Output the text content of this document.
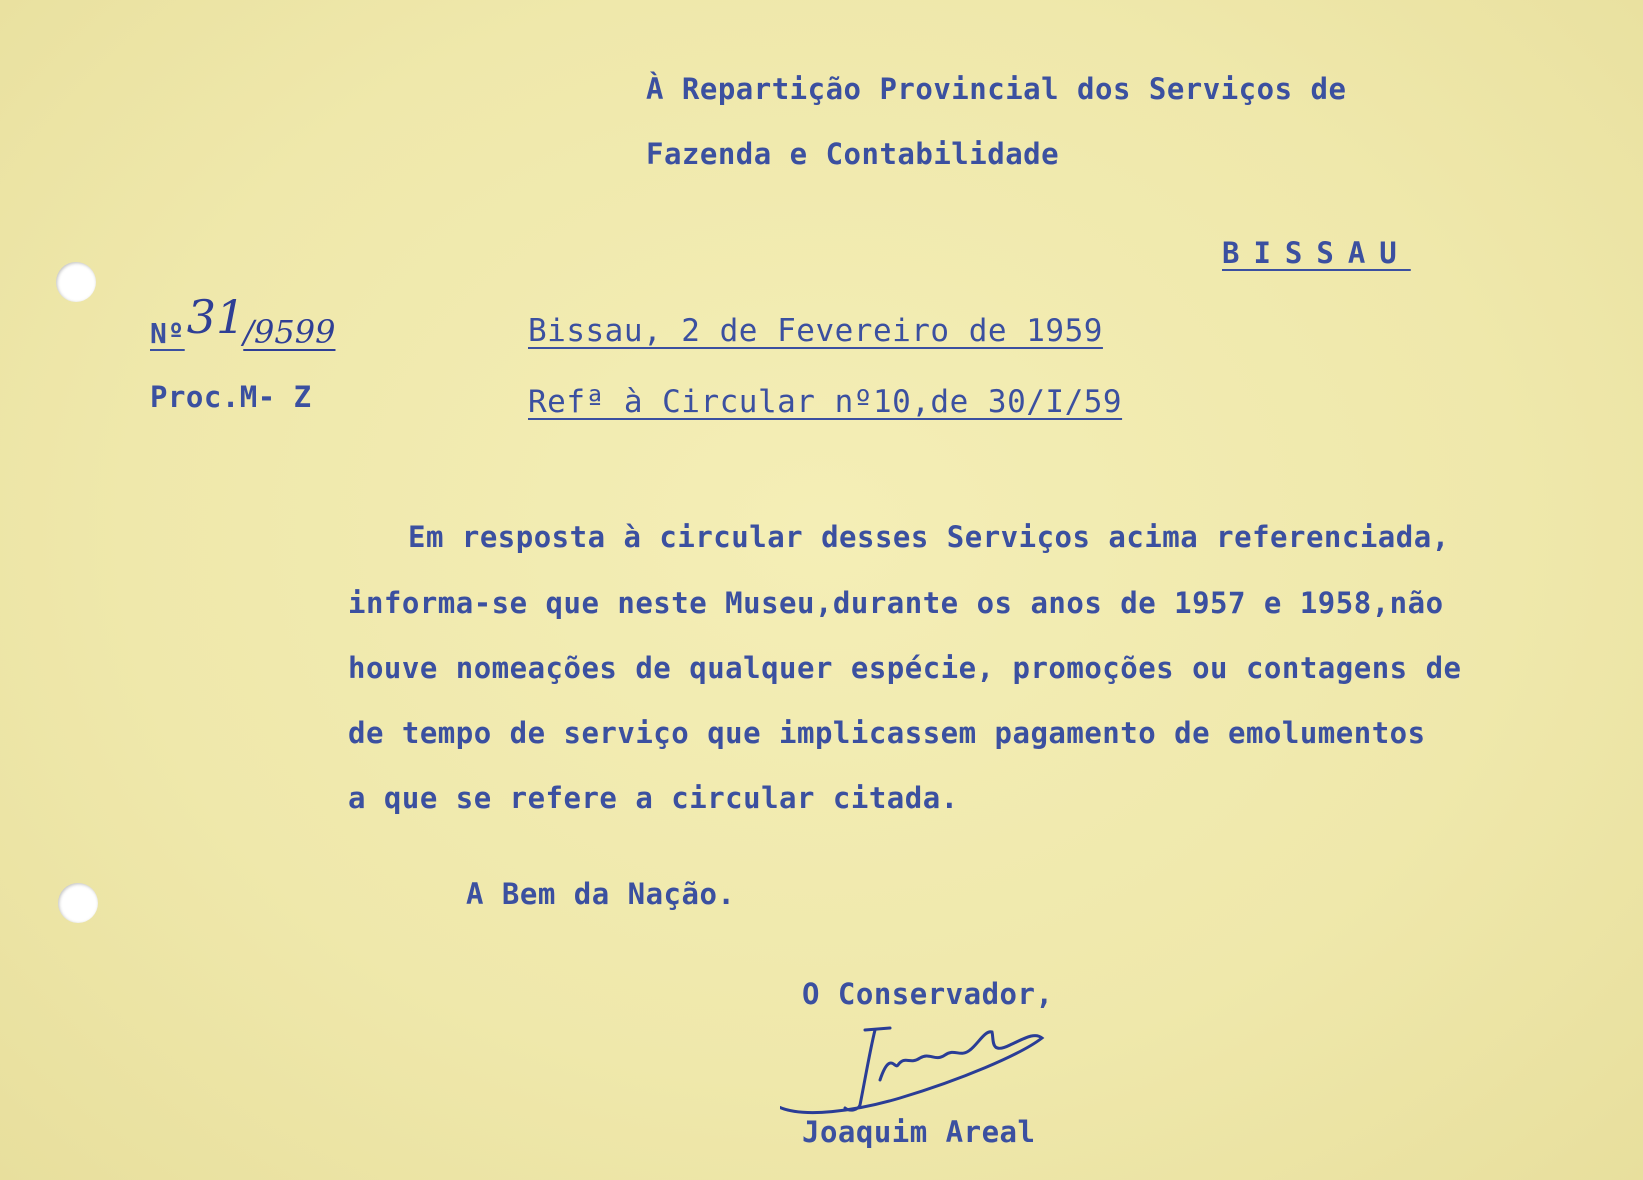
À Repartição Provincial dos Serviços de
Fazenda e Contabilidade
BISSAU
Nº31/9599
Proc.M- Z
Bissau, 2 de Fevereiro de 1959
Refª à Circular nº10,de 30/I/59
Em resposta à circular desses Serviços acima referenciada,
informa-se que neste Museu,durante os anos de 1957 e 1958,não
houve nomeações de qualquer espécie, promoções ou contagens de
de tempo de serviço que implicassem pagamento de emolumentos
a que se refere a circular citada.
A Bem da Nação.
O Conservador,
Joaquim Areal
